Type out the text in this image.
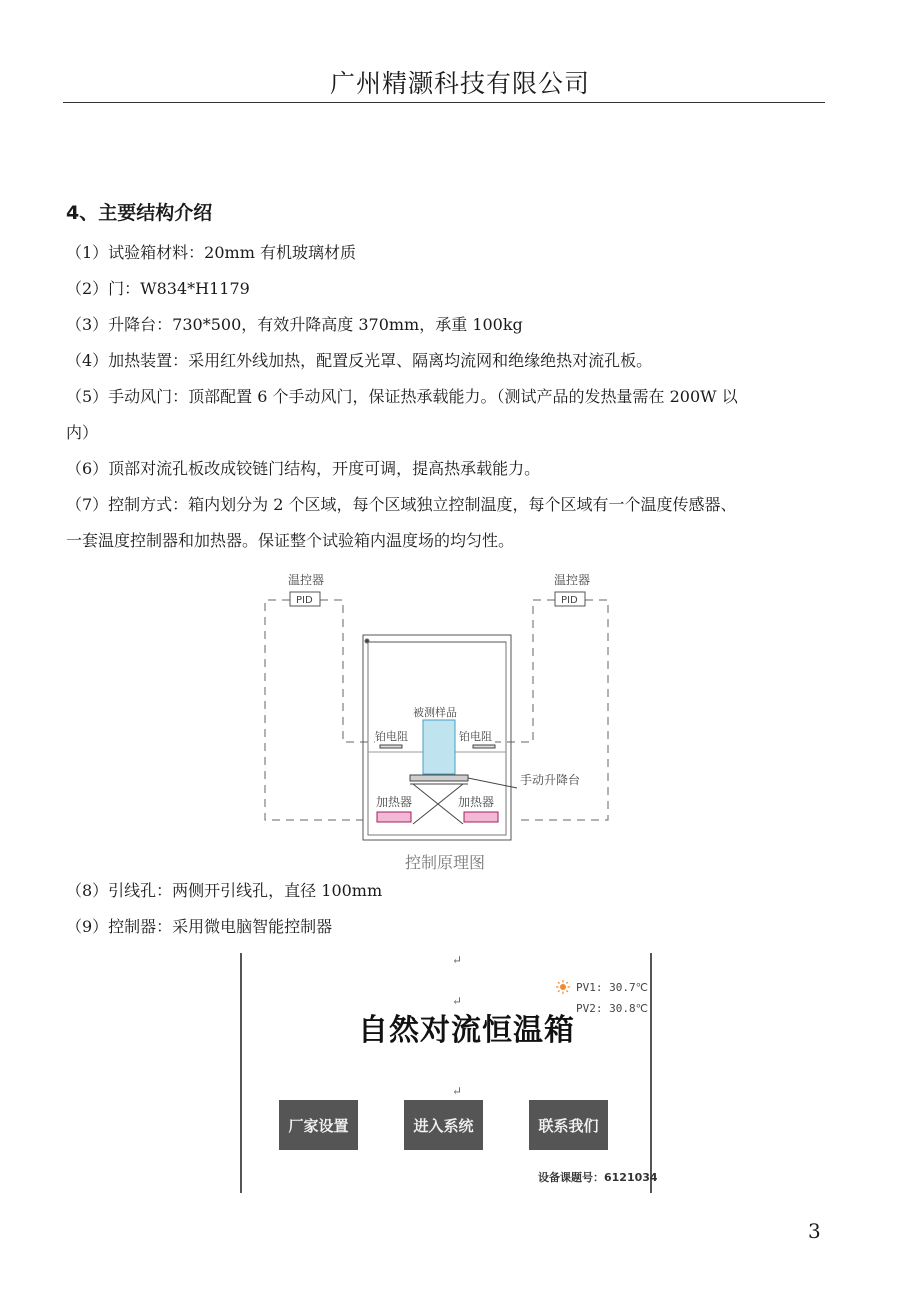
广州精灏科技有限公司
4、主要结构介绍
（1）试验箱材料：20mm 有机玻璃材质
（2）门：W834*H1179
（3）升降台：730*500，有效升降高度 370mm，承重 100kg
（4）加热装置：采用红外线加热，配置反光罩、隔离均流网和绝缘绝热对流孔板。
（5）手动风门：顶部配置 6 个手动风门，保证热承载能力。（测试产品的发热量需在 200W 以
内）
（6）顶部对流孔板改成铰链门结构，开度可调，提高热承载能力。
（7）控制方式：箱内划分为 2 个区域，每个区域独立控制温度，每个区域有一个温度传感器、
一套温度控制器和加热器。保证整个试验箱内温度场的均匀性。
温控器	温控器
PID	PID
被测样品
铂电阻	铂电阻
手动升降台
加热器	加热器
控制原理图
（8）引线孔：两侧开引线孔，直径 100mm
（9）控制器：采用微电脑智能控制器
↵
↵
↵
PV1: 30.7℃
PV2: 30.8℃
自然对流恒温箱
厂家设置	进入系统	联系我们
设备课题号：6121034
3
